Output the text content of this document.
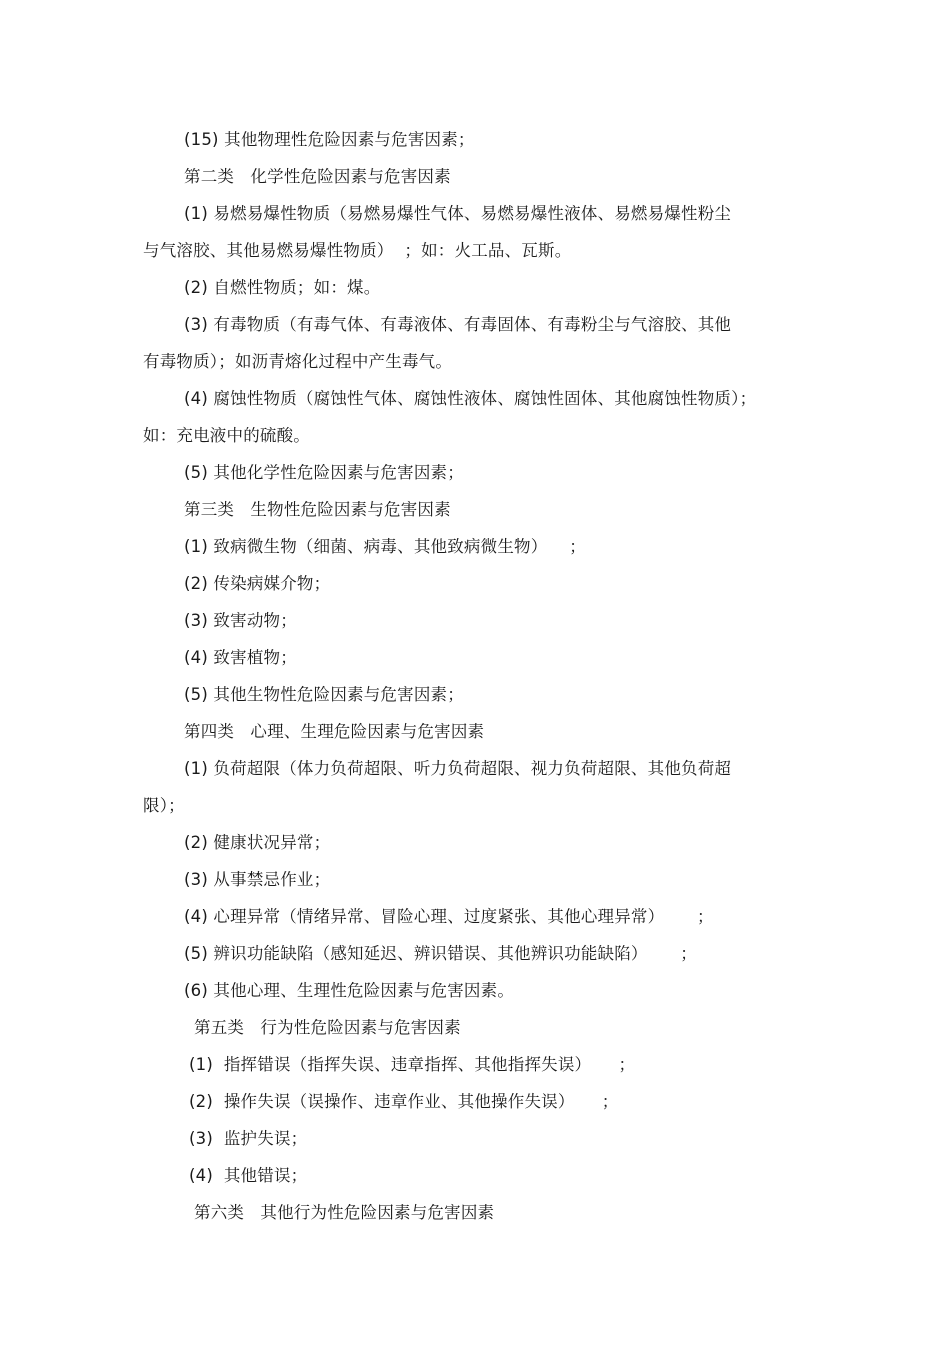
(15) 其他物理性危险因素与危害因素；
第二类   化学性危险因素与危害因素
(1) 易燃易爆性物质（易燃易爆性气体、易燃易爆性液体、易燃易爆性粉尘
与气溶胶、其他易燃易爆性物质）  ；如：火工品、瓦斯。
(2) 自燃性物质；如：煤。
(3) 有毒物质（有毒气体、有毒液体、有毒固体、有毒粉尘与气溶胶、其他
有毒物质）；如沥青熔化过程中产生毒气。
(4) 腐蚀性物质（腐蚀性气体、腐蚀性液体、腐蚀性固体、其他腐蚀性物质）；
如：充电液中的硫酸。
(5) 其他化学性危险因素与危害因素；
第三类   生物性危险因素与危害因素
(1) 致病微生物（细菌、病毒、其他致病微生物）    ；
(2) 传染病媒介物；
(3) 致害动物；
(4) 致害植物；
(5) 其他生物性危险因素与危害因素；
第四类   心理、生理危险因素与危害因素
(1) 负荷超限（体力负荷超限、听力负荷超限、视力负荷超限、其他负荷超
限）；
(2) 健康状况异常；
(3) 从事禁忌作业；
(4) 心理异常（情绪异常、冒险心理、过度紧张、其他心理异常）      ；
(5) 辨识功能缺陷（感知延迟、辨识错误、其他辨识功能缺陷）      ；
(6) 其他心理、生理性危险因素与危害因素。
第五类   行为性危险因素与危害因素
(1)  指挥错误（指挥失误、违章指挥、其他指挥失误）     ；
(2)  操作失误（误操作、违章作业、其他操作失误）     ；
(3)  监护失误；
(4)  其他错误；
第六类   其他行为性危险因素与危害因素
